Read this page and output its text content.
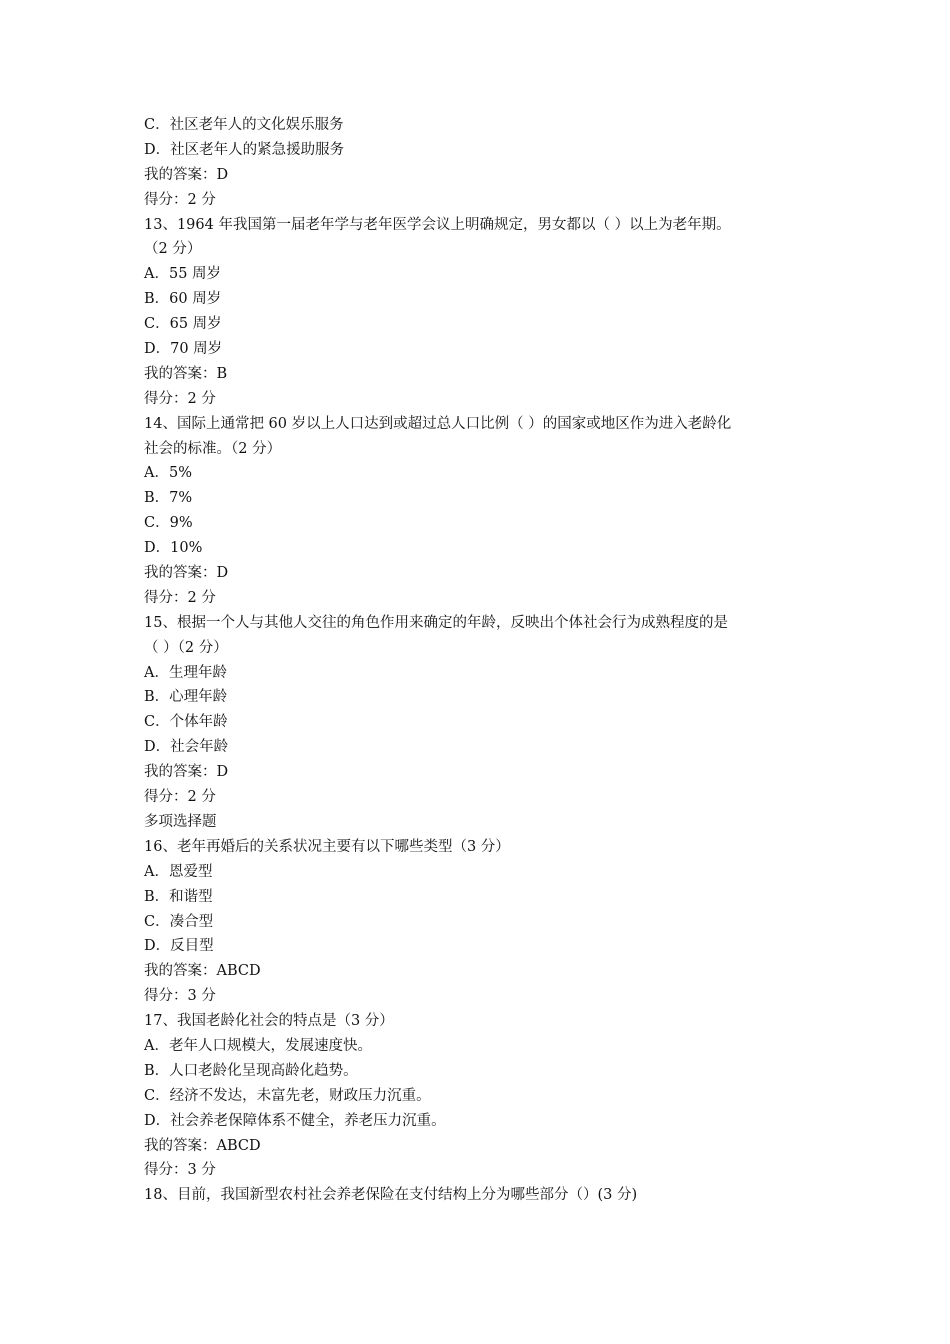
C．社区老年人的文化娱乐服务
D．社区老年人的紧急援助服务
我的答案：D
得分：2 分
13、1964 年我国第一届老年学与老年医学会议上明确规定，男女都以（ ）以上为老年期。
（2 分）
A．55 周岁
B．60 周岁
C．65 周岁
D．70 周岁
我的答案：B
得分：2 分
14、国际上通常把 60 岁以上人口达到或超过总人口比例（ ）的国家或地区作为进入老龄化
社会的标准。（2 分）
A．5%
B．7%
C．9%
D．10%
我的答案：D
得分：2 分
15、根据一个人与其他人交往的角色作用来确定的年龄，反映出个体社会行为成熟程度的是
（ ）（2 分）
A．生理年龄
B．心理年龄
C．个体年龄
D．社会年龄
我的答案：D
得分：2 分
多项选择题
16、老年再婚后的关系状况主要有以下哪些类型（3 分）
A．恩爱型
B．和谐型
C．凑合型
D．反目型
我的答案：ABCD
得分：3 分
17、我国老龄化社会的特点是（3 分）
A．老年人口规模大，发展速度快。
B．人口老龄化呈现高龄化趋势。
C．经济不发达，未富先老，财政压力沉重。
D．社会养老保障体系不健全，养老压力沉重。
我的答案：ABCD
得分：3 分
18、目前，我国新型农村社会养老保险在支付结构上分为哪些部分（）(3 分)
